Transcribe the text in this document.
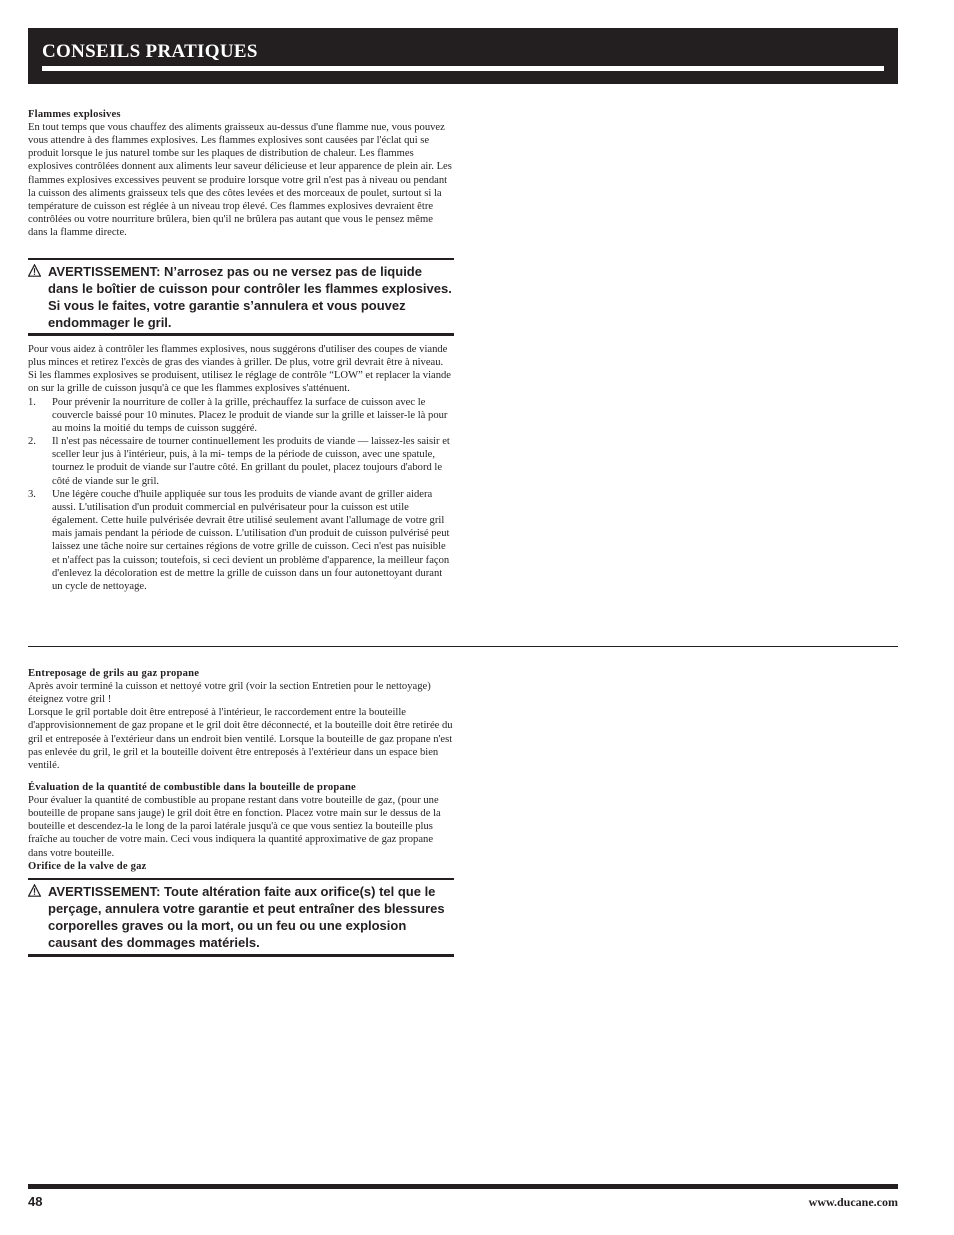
CONSEILS PRATIQUES

Flammes explosives

En tout temps que vous chauffez des aliments graisseux au-dessus d'une flamme nue, vous pouvez vous attendre à des flammes explosives. Les flammes explosives sont causées par l'éclat qui se produit lorsque le jus naturel tombe sur les plaques de distribution de chaleur. Les flammes explosives contrôlées donnent aux aliments leur saveur délicieuse et leur apparence de plein air. Les flammes explosives excessives peuvent se produire lorsque votre gril n'est pas à niveau ou pendant la cuisson des aliments graisseux tels que des côtes levées et des morceaux de poulet, surtout si la température de cuisson est réglée à un niveau trop élevé. Ces flammes explosives devraient être contrôlées ou votre nourriture brûlera, bien qu'il ne brûlera pas autant que vous le pensez même dans la flamme directe.

AVERTISSEMENT: N’arrosez pas ou ne versez pas de liquide dans le boîtier de cuisson pour contrôler les flammes explosives. Si vous le faites, votre garantie s’annulera et vous pouvez endommager le gril.

Pour vous aidez à contrôler les flammes explosives, nous suggérons d'utiliser des coupes de viande plus minces et retirez l'excès de gras des viandes à griller. De plus, votre gril devrait être à niveau. Si les flammes explosives se produisent, utilisez le réglage de contrôle “LOW” et replacer la viande on sur la grille de cuisson jusqu'à ce que les flammes explosives s'atténuent.

1. Pour prévenir la nourriture de coller à la grille, préchauffez la surface de cuisson avec le couvercle baissé pour 10 minutes. Placez le produit de viande sur la grille et laisser-le là pour au moins la moitié du temps de cuisson suggéré.
2. Il n'est pas nécessaire de tourner continuellement les produits de viande — laissez-les saisir et sceller leur jus à l'intérieur, puis, à la mi- temps de la période de cuisson, avec une spatule, tournez le produit de viande sur l'autre côté. En grillant du poulet, placez toujours d'abord le côté de viande sur le gril.
3. Une légère couche d'huile appliquée sur tous les produits de viande avant de griller aidera aussi. L'utilisation d'un produit commercial en pulvérisateur pour la cuisson est utile également. Cette huile pulvérisée devrait être utilisé seulement avant l'allumage de votre gril mais jamais pendant la période de cuisson. L'utilisation d'un produit de cuisson pulvérisé peut laissez une tâche noire sur certaines régions de votre grille de cuisson. Ceci n'est pas nuisible et n'affect pas la cuisson; toutefois, si ceci devient un problème d'apparence, la meilleur façon d'enlevez la décoloration est de mettre la grille de cuisson dans un four autonettoyant durant un cycle de nettoyage.

Entreposage de grils au gaz propane

Après avoir terminé la cuisson et nettoyé votre gril (voir la section Entretien pour le nettoyage) éteignez votre gril !

Lorsque le gril portable doit être entreposé à l'intérieur, le raccordement entre la bouteille d'approvisionnement de gaz propane et le gril doit être déconnecté, et la bouteille doit être retirée du gril et entreposée à l'extérieur dans un endroit bien ventilé. Lorsque la bouteille de gaz propane n'est pas enlevée du gril, le gril et la bouteille doivent être entreposés à l'extérieur dans un espace bien ventilé.

Évaluation de la quantité de combustible dans la bouteille de propane

Pour évaluer la quantité de combustible au propane restant dans votre bouteille de gaz, (pour une bouteille de propane sans jauge) le gril doit être en fonction. Placez votre main sur le dessus de la bouteille et descendez-la le long de la paroi latérale jusqu'à ce que vous sentiez la bouteille plus fraîche au toucher de votre main. Ceci vous indiquera la quantité approximative de gaz propane dans votre bouteille.

Orifice de la valve de gaz

AVERTISSEMENT: Toute altération faite aux orifice(s) tel que le perçage, annulera votre garantie et peut entraîner des blessures corporelles graves ou la mort, ou un feu ou une explosion causant des dommages matériels.
48	www.ducane.com
